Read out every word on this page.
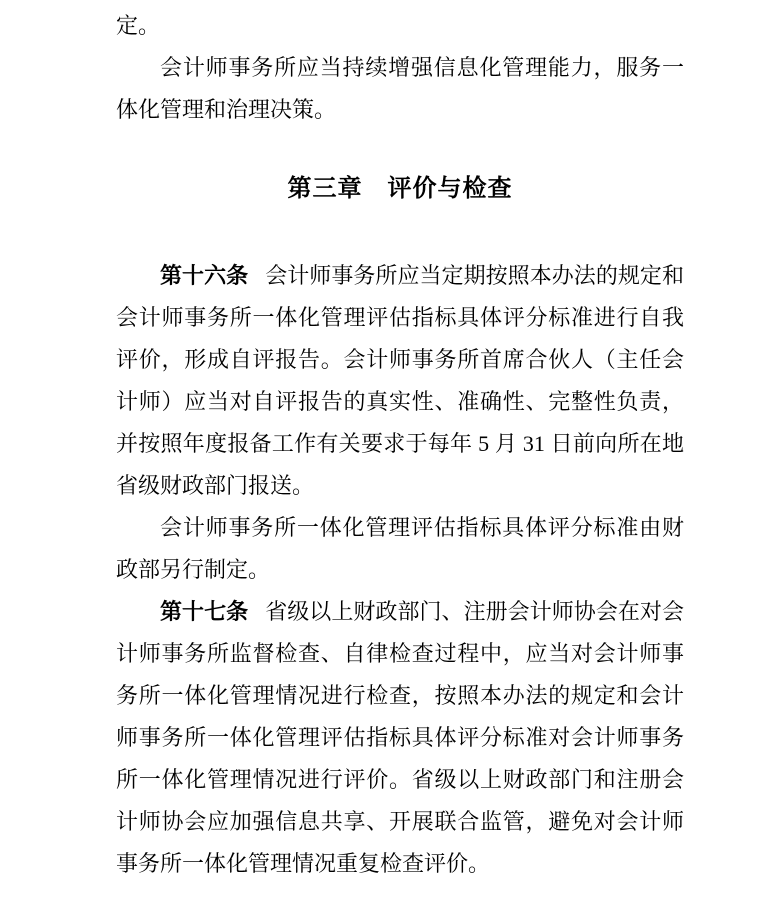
定。

会计师事务所应当持续增强信息化管理能力，服务一体化管理和治理决策。

第三章　评价与检查

第十六条 会计师事务所应当定期按照本办法的规定和会计师事务所一体化管理评估指标具体评分标准进行自我评价，形成自评报告。会计师事务所首席合伙人（主任会计师）应当对自评报告的真实性、准确性、完整性负责，并按照年度报备工作有关要求于每年 5 月 31 日前向所在地省级财政部门报送。

会计师事务所一体化管理评估指标具体评分标准由财政部另行制定。

第十七条 省级以上财政部门、注册会计师协会在对会计师事务所监督检查、自律检查过程中，应当对会计师事务所一体化管理情况进行检查，按照本办法的规定和会计师事务所一体化管理评估指标具体评分标准对会计师事务所一体化管理情况进行评价。省级以上财政部门和注册会计师协会应加强信息共享、开展联合监管，避免对会计师事务所一体化管理情况重复检查评价。
